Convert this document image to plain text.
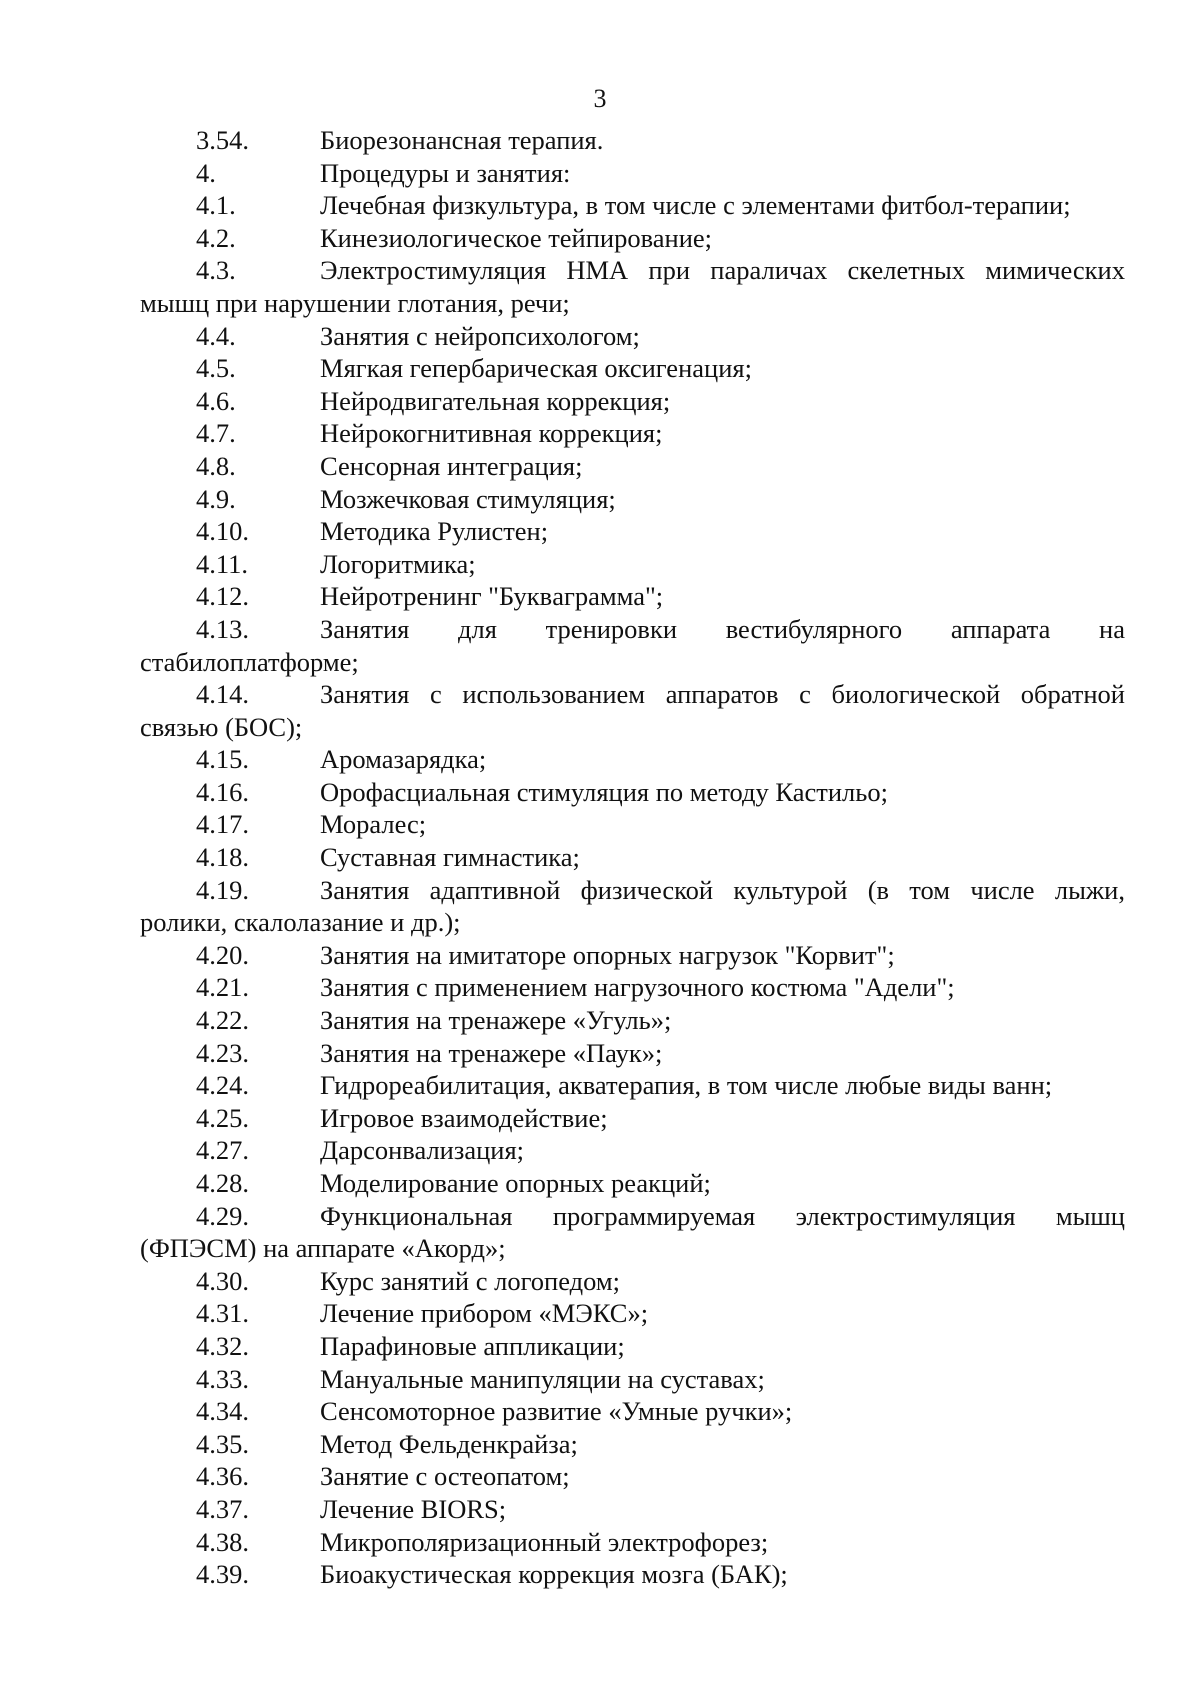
3
3.54.	Биорезонансная терапия.
4.	Процедуры и занятия:
4.1.	Лечебная физкультура, в том числе с элементами фитбол-терапии;
4.2.	Кинезиологическое тейпирование;
4.3.	Электростимуляция НМА при параличах скелетных мимических
мышц при нарушении глотания, речи;
4.4.	Занятия с нейропсихологом;
4.5.	Мягкая гепербарическая оксигенация;
4.6.	Нейродвигательная коррекция;
4.7.	Нейрокогнитивная коррекция;
4.8.	Сенсорная интеграция;
4.9.	Мозжечковая стимуляция;
4.10.	Методика Рулистен;
4.11.	Логоритмика;
4.12.	Нейротренинг "Буквaграмма";
4.13.	Занятия для тренировки вестибулярного аппарата на
стабилоплатформе;
4.14.	Занятия с использованием аппаратов с биологической обратной
связью (БОС);
4.15.	Аромазарядка;
4.16.	Орофасциальная стимуляция по методу Кастильо;
4.17.	Моралес;
4.18.	Суставная гимнастика;
4.19.	Занятия адаптивной физической культурой (в том числе лыжи,
ролики, скалолазание и др.);
4.20.	Занятия на имитаторе опорных нагрузок "Корвит";
4.21.	Занятия с применением нагрузочного костюма "Адели";
4.22.	Занятия на тренажере «Угуль»;
4.23.	Занятия на тренажере «Паук»;
4.24.	Гидрореабилитация, акватерапия, в том числе любые виды ванн;
4.25.	Игровое взаимодействие;
4.27.	Дарсонвализация;
4.28.	Моделирование опорных реакций;
4.29.	Функциональная программируемая электростимуляция мышц
(ФПЭСМ) на аппарате «Акорд»;
4.30.	Курс занятий с логопедом;
4.31.	Лечение прибором «МЭКС»;
4.32.	Парафиновые аппликации;
4.33.	Мануальные манипуляции на суставах;
4.34.	Сенсомоторное развитие «Умные ручки»;
4.35.	Метод Фельденкрайза;
4.36.	Занятие с остеопатом;
4.37.	Лечение BIORS;
4.38.	Микрополяризационный электрофорез;
4.39.	Биоакустическая коррекция мозга (БАК);
